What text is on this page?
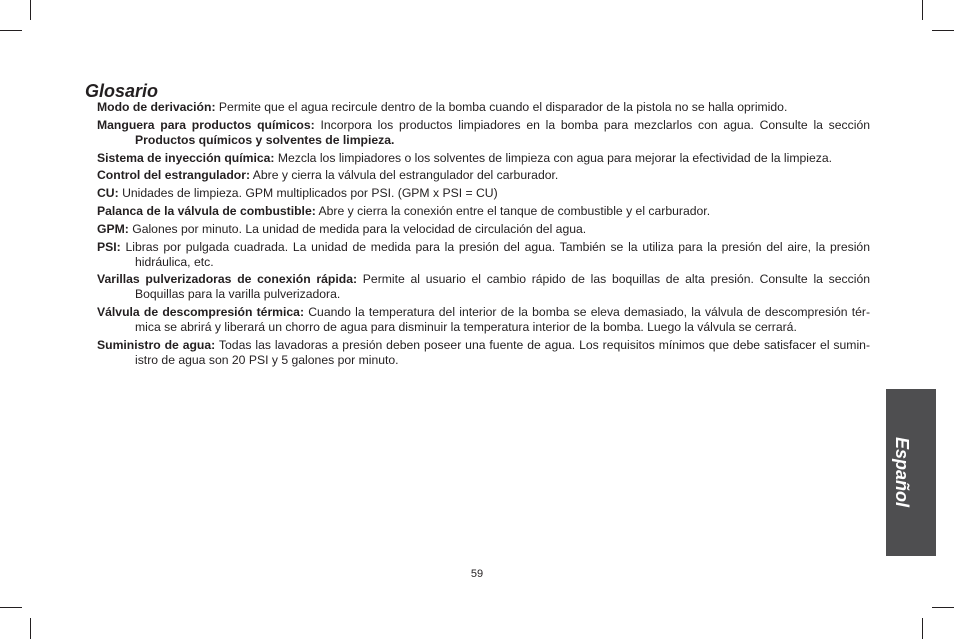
Glosario
Modo de derivación: Permite que el agua recircule dentro de la bomba cuando el disparador de la pistola no se halla oprimido.
Manguera para productos químicos: Incorpora los productos limpiadores en la bomba para mezclarlos con agua. Consulte la sección
Productos químicos y solventes de limpieza.
Sistema de inyección química: Mezcla los limpiadores o los solventes de limpieza con agua para mejorar la efectividad de la limpieza.
Control del estrangulador: Abre y cierra la válvula del estrangulador del carburador.
CU: Unidades de limpieza. GPM multiplicados por PSI. (GPM x PSI = CU)
Palanca de la válvula de combustible: Abre y cierra la conexión entre el tanque de combustible y el carburador.
GPM: Galones por minuto. La unidad de medida para la velocidad de circulación del agua.
PSI: Libras por pulgada cuadrada. La unidad de medida para la presión del agua. También se la utiliza para la presión del aire, la presión
hidráulica, etc.
Varillas pulverizadoras de conexión rápida: Permite al usuario el cambio rápido de las boquillas de alta presión. Consulte la sección
Boquillas para la varilla pulverizadora.
Válvula de descompresión térmica: Cuando la temperatura del interior de la bomba se eleva demasiado, la válvula de descompresión tér-
mica se abrirá y liberará un chorro de agua para disminuir la temperatura interior de la bomba. Luego la válvula se cerrará.
Suministro de agua: Todas las lavadoras a presión deben poseer una fuente de agua. Los requisitos mínimos que debe satisfacer el sumin-
istro de agua son 20 PSI y 5 galones por minuto.
59
Español
